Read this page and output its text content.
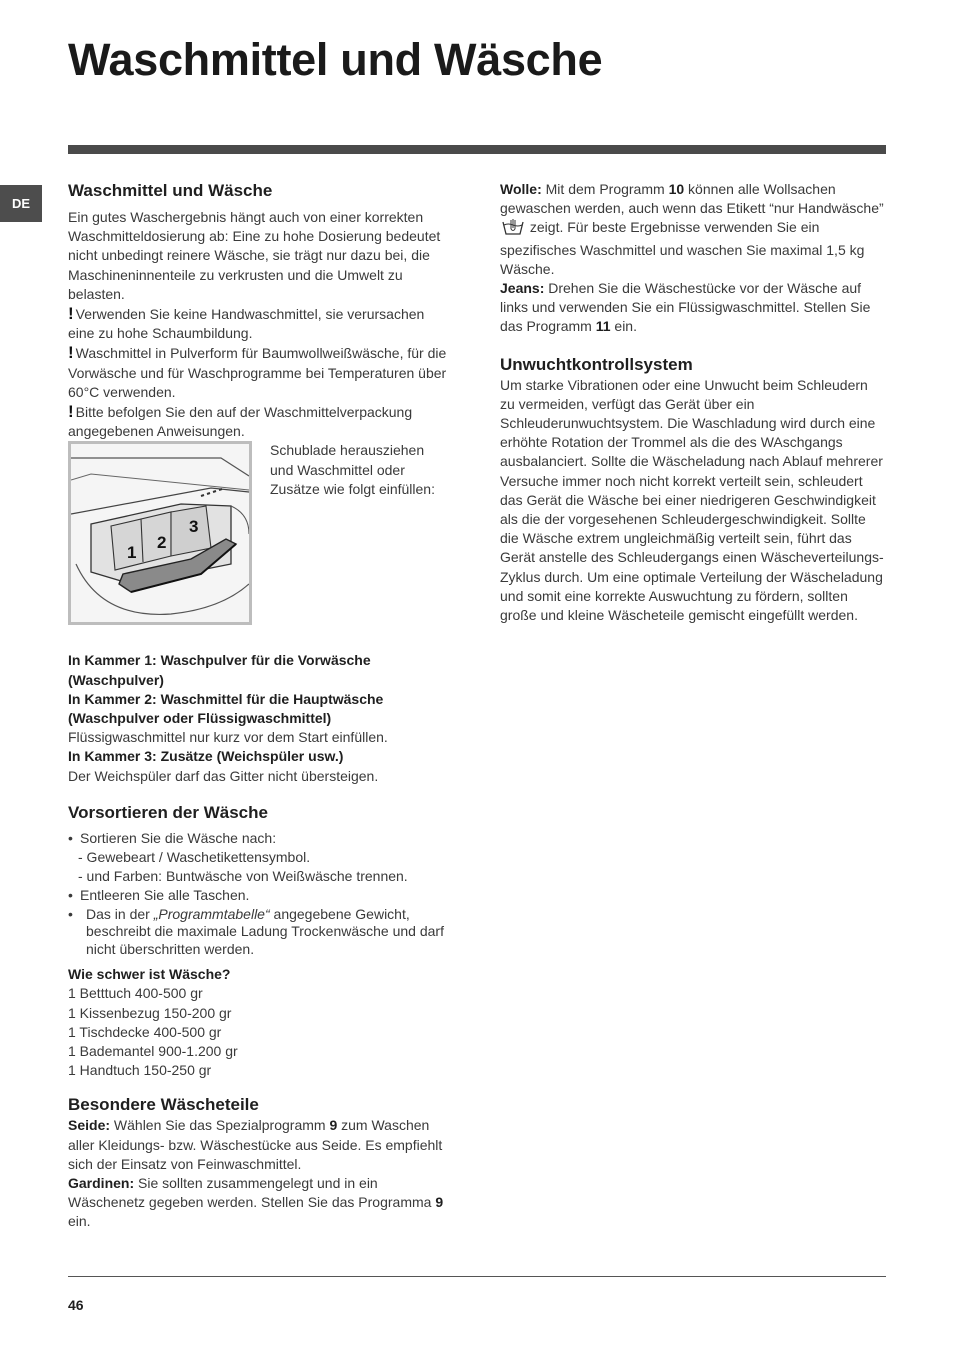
Waschmittel und Wäsche
DE
Waschmittel und Wäsche

Ein gutes Waschergebnis hängt auch von einer korrekten Waschmitteldosierung ab: Eine zu hohe Dosierung bedeutet nicht unbedingt reinere Wäsche, sie trägt nur dazu bei, die Maschineninnenteile zu verkrusten und die Umwelt zu belasten.

! Verwenden Sie keine Handwaschmittel, sie verursachen eine zu hohe Schaumbildung.

! Waschmittel in Pulverform für Baumwollweißwäsche, für die Vorwäsche und für Waschprogramme bei Temperaturen über 60°C verwenden.

! Bitte befolgen Sie den auf der Waschmittelverpackung angegebenen Anweisungen.

1
2
3

Schublade herausziehen und Waschmittel oder Zusätze wie folgt einfüllen:

In Kammer 1: Waschpulver für die Vorwäsche (Waschpulver)
In Kammer 2: Waschmittel für die Hauptwäsche (Waschpulver oder Flüssigwaschmittel)

Flüssigwaschmittel nur kurz vor dem Start einfüllen.

In Kammer 3: Zusätze (Weichspüler usw.)

Der Weichspüler darf das Gitter nicht übersteigen.

Vorsortieren der Wäsche
• Sortieren Sie die Wäsche nach:
- Gewebeart / Waschetikettensymbol.
- und Farben: Buntwäsche von Weißwäsche trennen.
• Entleeren Sie alle Taschen.
• Das in der „Programmtabelle“ angegebene Gewicht, beschreibt die maximale Ladung Trockenwäsche und darf nicht überschritten werden.

Wie schwer ist Wäsche?

1 Betttuch 400-500 gr

1 Kissenbezug 150-200 gr

1 Tischdecke 400-500 gr

1 Bademantel 900-1.200 gr

1 Handtuch 150-250 gr

Besondere Wäscheteile

Seide: Wählen Sie das Spezialprogramm 9 zum Waschen aller Kleidungs- bzw. Wäschestücke aus Seide. Es empfiehlt sich der Einsatz von Feinwaschmittel.

Gardinen: Sie sollten zusammengelegt und in ein Wäschenetz gegeben werden. Stellen Sie das Programma 9 ein.

Wolle: Mit dem Programm 10 können alle Wollsachen gewaschen werden, auch wenn das Etikett “nur Handwäsche”  zeigt. Für beste Ergebnisse verwenden Sie ein spezifisches Waschmittel und waschen Sie maximal 1,5 kg Wäsche.

Jeans: Drehen Sie die Wäschestücke vor der Wäsche auf links und verwenden Sie ein Flüssigwaschmittel. Stellen Sie das Programm 11 ein.

Unwuchtkontrollsystem

Um starke Vibrationen oder eine Unwucht beim Schleudern zu vermeiden, verfügt das Gerät über ein Schleuderunwuchtsystem. Die Waschladung wird durch eine erhöhte Rotation der Trommel als die des WAschgangs ausbalanciert. Sollte die Wäscheladung nach Ablauf mehrerer Versuche immer noch nicht korrekt verteilt sein, schleudert das Gerät die Wäsche bei einer niedrigeren Geschwindigkeit als die der vorgesehenen Schleudergeschwindigkeit. Sollte die Wäsche extrem ungleichmäßig verteilt sein, führt das Gerät anstelle des Schleudergangs einen Wäscheverteilungs-Zyklus durch. Um eine optimale Verteilung der Wäscheladung und somit eine korrekte Auswuchtung zu fördern, sollten große und kleine Wäscheteile gemischt eingefüllt werden.

46
